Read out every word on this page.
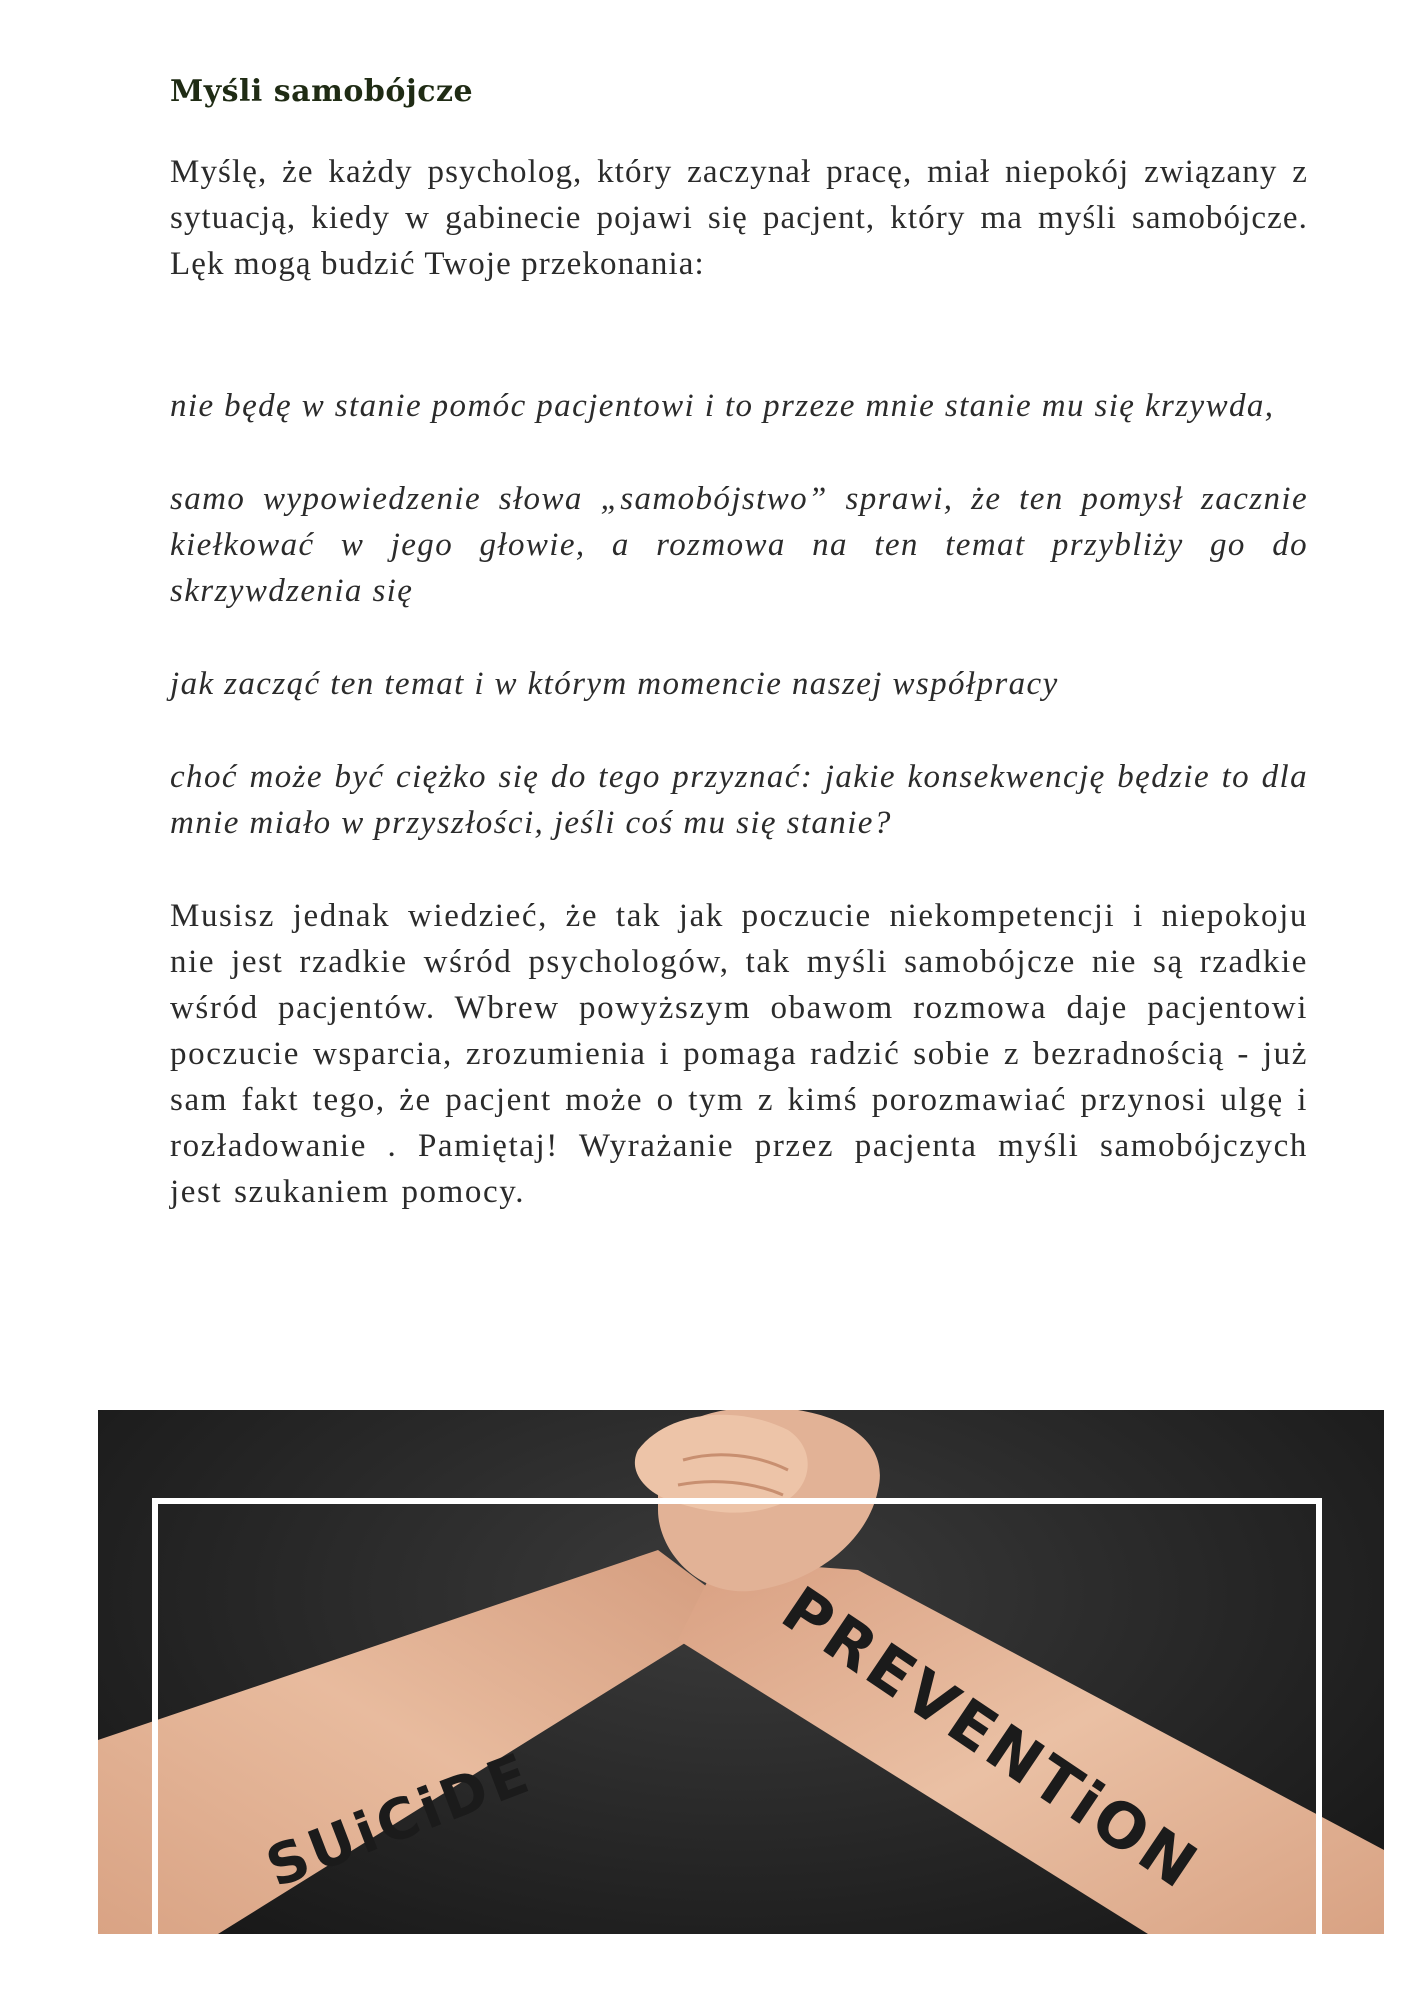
Myśli samobójcze

Myślę, że każdy psycholog, który zaczynał pracę, miał niepokój związany z sytuacją, kiedy w gabinecie pojawi się pacjent, który ma myśli samobójcze. Lęk mogą budzić Twoje przekonania:

nie będę w stanie pomóc pacjentowi i to przeze mnie stanie mu się krzywda,

samo wypowiedzenie słowa „samobójstwo” sprawi, że ten pomysł zacznie kiełkować w jego głowie, a rozmowa na ten temat przybliży go do skrzywdzenia się

jak zacząć ten temat i w którym momencie naszej współpracy

choć może być ciężko się do tego przyznać: jakie konsekwencję będzie to dla mnie miało w przyszłości, jeśli coś mu się stanie?

Musisz jednak wiedzieć, że tak jak poczucie niekompetencji i niepokoju nie jest rzadkie wśród psychologów, tak myśli samobójcze nie są rzadkie wśród pacjentów. Wbrew powyższym obawom rozmowa daje pacjentowi poczucie wsparcia, zrozumienia i pomaga radzić sobie z bezradnością - już sam fakt tego, że pacjent może o tym z kimś porozmawiać przynosi ulgę i rozładowanie . Pamiętaj! Wyrażanie przez pacjenta myśli samobójczych jest szukaniem pomocy.

SUiCiDE	PREVENTiON
